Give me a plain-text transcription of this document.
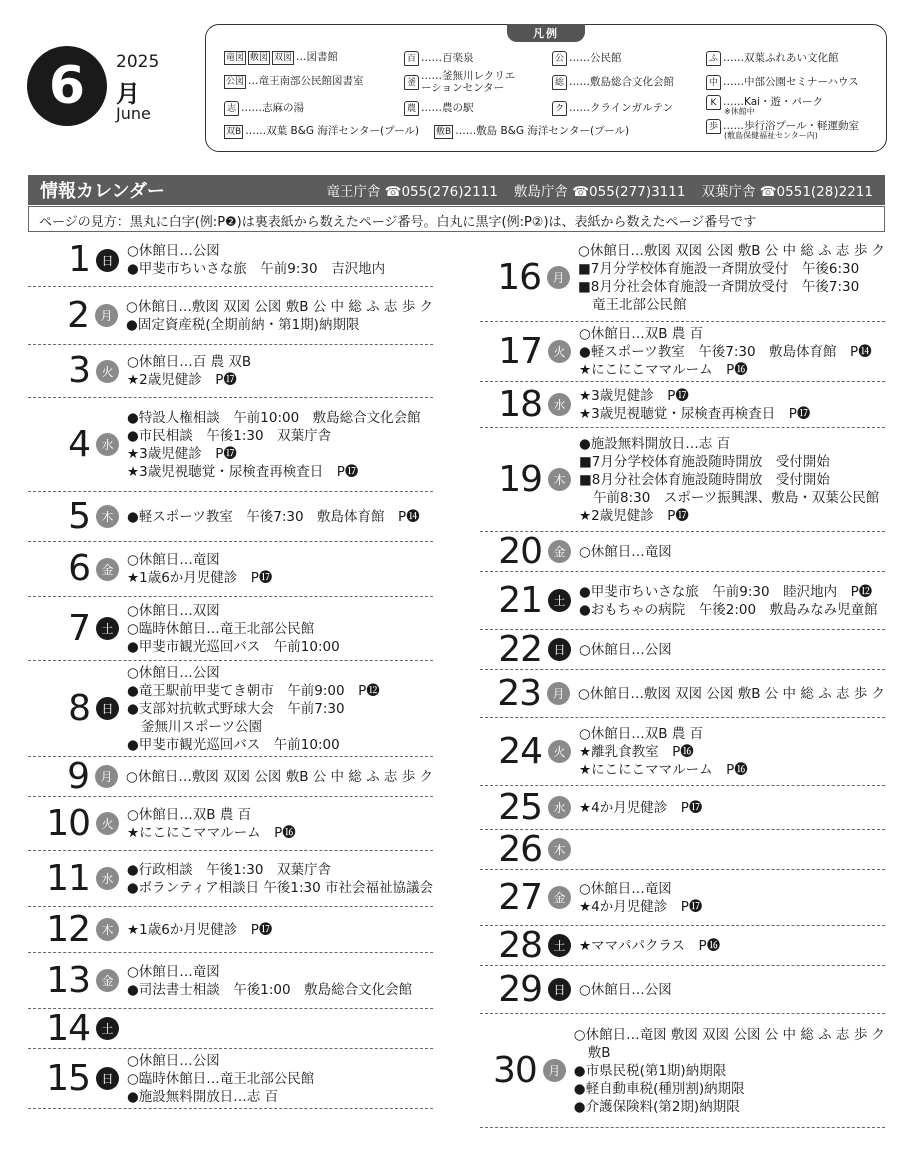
6 2025
月
June
凡例
竜図 敷図 双図 …図書館
公図 …竜王南部公民館図書室
志 ……志麻の湯
双B ……双葉 B&G 海洋センター(プール)
百 ……百楽泉
釜
……釜無川レクリエーションセンター
農 ……農の駅
敷B ……敷島 B&G 海洋センター(プール)
公 ……公民館
総 ……敷島総合文化会館
ク ……クラインガルテン
ふ ……双葉ふれあい文化館
中 ……中部公園セミナーハウス
K ……Kai・遊・パーク
※休館中
歩 ……歩行浴プール・軽運動室
(敷島保健福祉センター内)
情報カレンダー	竜王庁舎 ☎055(276)2111 敷島庁舎 ☎055(277)3111 双葉庁舎 ☎0551(28)2211
ページの見方：黒丸に白字(例:P❷)は裏表紙から数えたページ番号。白丸に黒字(例:P②)は、表紙から数えたページ番号です
1 日
○休館日…公図
●甲斐市ちいさな旅　午前9:30　吉沢地内
2 月
○休館日…敷図 双図 公図 敷B 公 中 総 ふ 志 歩 ク
●固定資産税(全期前納・第1期)納期限
3 火
○休館日…百 農 双B
★2歳児健診　P⓱
4 水
●特設人権相談　午前10:00　敷島総合文化会館
●市民相談　午後1:30　双葉庁舎
★3歳児健診　P⓱
★3歳児視聴覚・尿検査再検査日　P⓱
5 木	●軽スポーツ教室　午後7:30　敷島体育館　P⓮
6 金
○休館日…竜図
★1歳6か月児健診　P⓱
7 土
○休館日…双図
○臨時休館日…竜王北部公民館
●甲斐市観光巡回バス　午前10:00
8 日
○休館日…公図
●竜王駅前甲斐てき朝市　午前9:00　P⓬
●支部対抗軟式野球大会　午前7:30
釜無川スポーツ公園
●甲斐市観光巡回バス　午前10:00
9 月	○休館日…敷図 双図 公図 敷B 公 中 総 ふ 志 歩 ク
10 火
○休館日…双B 農 百
★にこにこママルーム　P⓰
11 水
●行政相談　午後1:30　双葉庁舎
●ボランティア相談日 午後1:30 市社会福祉協議会
12 木	★1歳6か月児健診　P⓱
13 金
○休館日…竜図
●司法書士相談　午後1:00　敷島総合文化会館
14 土
15 日
○休館日…公図
○臨時休館日…竜王北部公民館
●施設無料開放日…志 百
16 月
○休館日…敷図 双図 公図 敷B 公 中 総 ふ 志 歩 ク
■7月分学校体育施設一斉開放受付　午後6:30
■8月分社会体育施設一斉開放受付　午後7:30
竜王北部公民館
17 火
○休館日…双B 農 百
●軽スポーツ教室　午後7:30　敷島体育館　P⓮
★にこにこママルーム　P⓰
18 水
★3歳児健診　P⓱
★3歳児視聴覚・尿検査再検査日　P⓱
19 木
●施設無料開放日…志 百
■7月分学校体育施設随時開放　受付開始
■8月分社会体育施設随時開放　受付開始
午前8:30　スポーツ振興課、敷島・双葉公民館
★2歳児健診　P⓱
20 金	○休館日…竜図
21 土
●甲斐市ちいさな旅　午前9:30　睦沢地内　P⓬
●おもちゃの病院　午後2:00　敷島みなみ児童館
22 日	○休館日…公図
23 月	○休館日…敷図 双図 公図 敷B 公 中 総 ふ 志 歩 ク
24 火
○休館日…双B 農 百
★離乳食教室　P⓰
★にこにこママルーム　P⓰
25 水	★4か月児健診　P⓱
26 木
27 金
○休館日…竜図
★4か月児健診　P⓱
28 土	★ママパパクラス　P⓰
29 日	○休館日…公図
30 月
○休館日…竜図 敷図 双図 公図 公 中 総 ふ 志 歩 ク
敷B
●市県民税(第1期)納期限
●軽自動車税(種別割)納期限
●介護保険料(第2期)納期限
